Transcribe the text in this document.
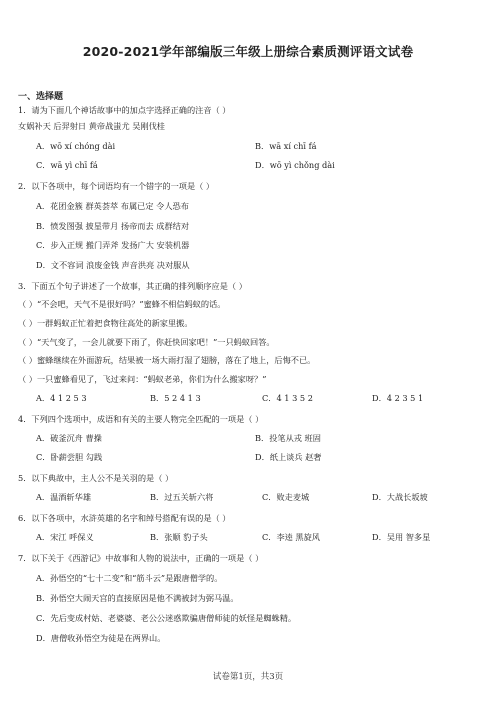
2020-2021学年部编版三年级上册综合素质测评语文试卷
一、选择题
1．请为下面几个神话故事中的加点字选择正确的注音（ ）
女娲补天 后羿射日 黄帝战蚩尤 吴刚伐桂
A．wō xí chóng dài	B．wā xí chī fá
C．wā yì chī fá	D．wō yì chǒng dài
2．以下各项中，每个词语均有一个错字的一项是（ ）
A．花团金簇 群英荟萃 布属已定 令人恐布
B．愤发图强 披星带月 扬帝而去 成群结对
C．步入正规 搬门弄斧 发扬广大 安装机器
D．文不容词 浪废金钱 声音洪亮 决对服从
3．下面五个句子讲述了一个故事，其正确的排列顺序应是（ ）
（ ）“不会吧，天气不是很好吗？”蜜蜂不相信蚂蚁的话。
（ ）一群蚂蚁正忙着把食物往高处的新家里搬。
（ ）“天气变了，一会儿就要下雨了，你赶快回家吧！”一只蚂蚁回答。
（ ）蜜蜂继续在外面游玩，结果被一场大雨打湿了翅膀，落在了地上，后悔不已。
（ ）一只蜜蜂看见了，飞过来问：“蚂蚁老弟，你们为什么搬家呀？”
A．4 1 2 5 3	B．5 2 4 1 3	C．4 1 3 5 2	D．4 2 3 5 1
4．下列四个选项中，成语和有关的主要人物完全匹配的一项是（ ）
A．破釜沉舟 曹操	B．投笔从戎 班固
C．卧薪尝胆 勾践	D．纸上谈兵 赵奢
5．以下典故中，主人公不是关羽的是（ ）
A．温酒斩华雄	B．过五关斩六将	C．败走麦城	D．大战长坂坡
6．以下各项中，水浒英雄的名字和绰号搭配有误的是（ ）
A．宋江 呼保义	B．张顺 豹子头	C．李逵 黑旋风	D．吴用 智多星
7．以下关于《西游记》中故事和人物的说法中，正确的一项是（ ）
A．孙悟空的“七十二变”和“筋斗云”是跟唐僧学的。
B．孙悟空大闹天宫的直接原因是他不满被封为弼马温。
C．先后变成村姑、老婆婆、老公公迷惑欺骗唐僧师徒的妖怪是蜘蛛精。
D．唐僧收孙悟空为徒是在两界山。
试卷第1页，共3页
